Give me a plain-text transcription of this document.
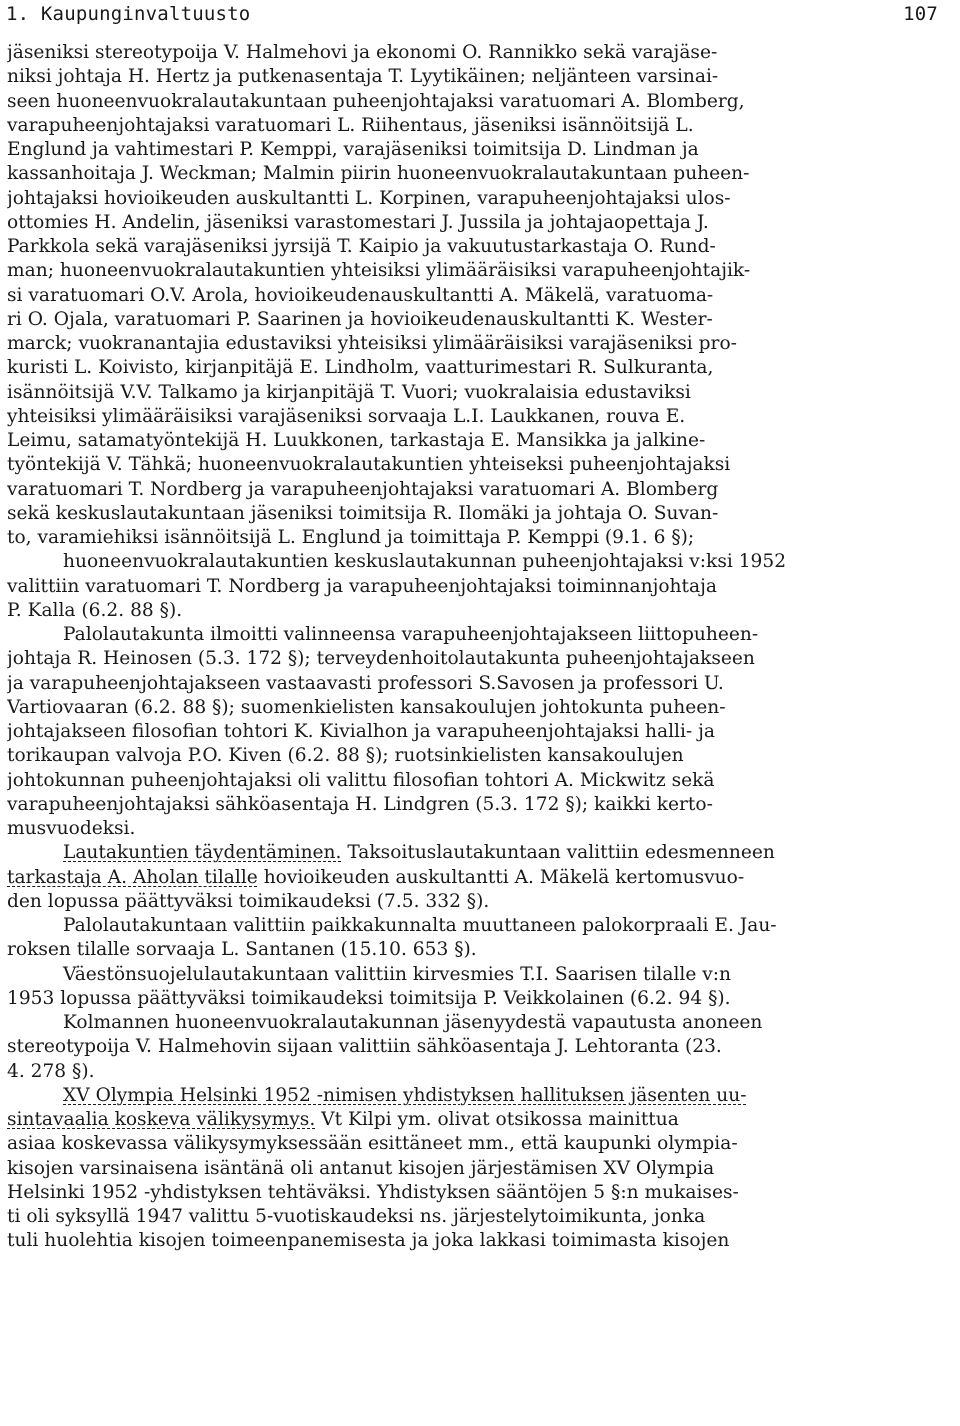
1. Kaupunginvaltuusto	107
jäseniksi stereotypoija V. Halmehovi ja ekonomi O. Rannikko sekä varajäse-
niksi johtaja H. Hertz ja putkenasentaja T. Lyytikäinen; neljänteen varsinai-
seen huoneenvuokralautakuntaan puheenjohtajaksi varatuomari A. Blomberg,
varapuheenjohtajaksi varatuomari L. Riihentaus, jäseniksi isännöitsijä L.
Englund ja vahtimestari P. Kemppi, varajäseniksi toimitsija D. Lindman ja
kassanhoitaja J. Weckman; Malmin piirin huoneenvuokralautakuntaan puheen-
johtajaksi hovioikeuden auskultantti L. Korpinen, varapuheenjohtajaksi ulos-
ottomies H. Andelin, jäseniksi varastomestari J. Jussila ja johtajaopettaja J.
Parkkola sekä varajäseniksi jyrsijä T. Kaipio ja vakuutustarkastaja O. Rund-
man; huoneenvuokralautakuntien yhteisiksi ylimääräisiksi varapuheenjohtajik-
si varatuomari O.V. Arola, hovioikeudenauskultantti A. Mäkelä, varatuoma-
ri O. Ojala, varatuomari P. Saarinen ja hovioikeudenauskultantti K. Wester-
marck; vuokranantajia edustaviksi yhteisiksi ylimääräisiksi varajäseniksi pro-
kuristi L. Koivisto, kirjanpitäjä E. Lindholm, vaatturimestari R. Sulkuranta,
isännöitsijä V.V. Talkamo ja kirjanpitäjä T. Vuori; vuokralaisia edustaviksi
yhteisiksi ylimääräisiksi varajäseniksi sorvaaja L.I. Laukkanen, rouva E.
Leimu, satamatyöntekijä H. Luukkonen, tarkastaja E. Mansikka ja jalkine-
työntekijä V. Tähkä; huoneenvuokralautakuntien yhteiseksi puheenjohtajaksi
varatuomari T. Nordberg ja varapuheenjohtajaksi varatuomari A. Blomberg
sekä keskuslautakuntaan jäseniksi toimitsija R. Ilomäki ja johtaja O. Suvan-
to, varamiehiksi isännöitsijä L. Englund ja toimittaja P. Kemppi (9.1. 6 §);
huoneenvuokralautakuntien keskuslautakunnan puheenjohtajaksi v:ksi 1952
valittiin varatuomari T. Nordberg ja varapuheenjohtajaksi toiminnanjohtaja
P. Kalla (6.2. 88 §).
Palolautakunta ilmoitti valinneensa varapuheenjohtajakseen liittopuheen-
johtaja R. Heinosen (5.3. 172 §); terveydenhoitolautakunta puheenjohtajakseen
ja varapuheenjohtajakseen vastaavasti professori S.Savosen ja professori U.
Vartiovaaran (6.2. 88 §); suomenkielisten kansakoulujen johtokunta puheen-
johtajakseen filosofian tohtori K. Kivialhon ja varapuheenjohtajaksi halli- ja
torikaupan valvoja P.O. Kiven (6.2. 88 §); ruotsinkielisten kansakoulujen
johtokunnan puheenjohtajaksi oli valittu filosofian tohtori A. Mickwitz sekä
varapuheenjohtajaksi sähköasentaja H. Lindgren (5.3. 172 §); kaikki kerto-
musvuodeksi.
Lautakuntien täydentäminen. Taksoituslautakuntaan valittiin edesmenneen
tarkastaja A. Aholan tilalle hovioikeuden auskultantti A. Mäkelä kertomusvuo-
den lopussa päättyväksi toimikaudeksi (7.5. 332 §).
Palolautakuntaan valittiin paikkakunnalta muuttaneen palokorpraali E. Jau-
roksen tilalle sorvaaja L. Santanen (15.10. 653 §).
Väestönsuojelulautakuntaan valittiin kirvesmies T.I. Saarisen tilalle v:n
1953 lopussa päättyväksi toimikaudeksi toimitsija P. Veikkolainen (6.2. 94 §).
Kolmannen huoneenvuokralautakunnan jäsenyydestä vapautusta anoneen
stereotypoija V. Halmehovin sijaan valittiin sähköasentaja J. Lehtoranta (23.
4. 278 §).
XV Olympia Helsinki 1952 -nimisen yhdistyksen hallituksen jäsenten uu-
sintavaalia koskeva välikysymys. Vt Kilpi ym. olivat otsikossa mainittua
asiaa koskevassa välikysymyksessään esittäneet mm., että kaupunki olympia-
kisojen varsinaisena isäntänä oli antanut kisojen järjestämisen XV Olympia
Helsinki 1952 -yhdistyksen tehtäväksi. Yhdistyksen sääntöjen 5 §:n mukaises-
ti oli syksyllä 1947 valittu 5-vuotiskaudeksi ns. järjestelytoimikunta, jonka
tuli huolehtia kisojen toimeenpanemisesta ja joka lakkasi toimimasta kisojen
